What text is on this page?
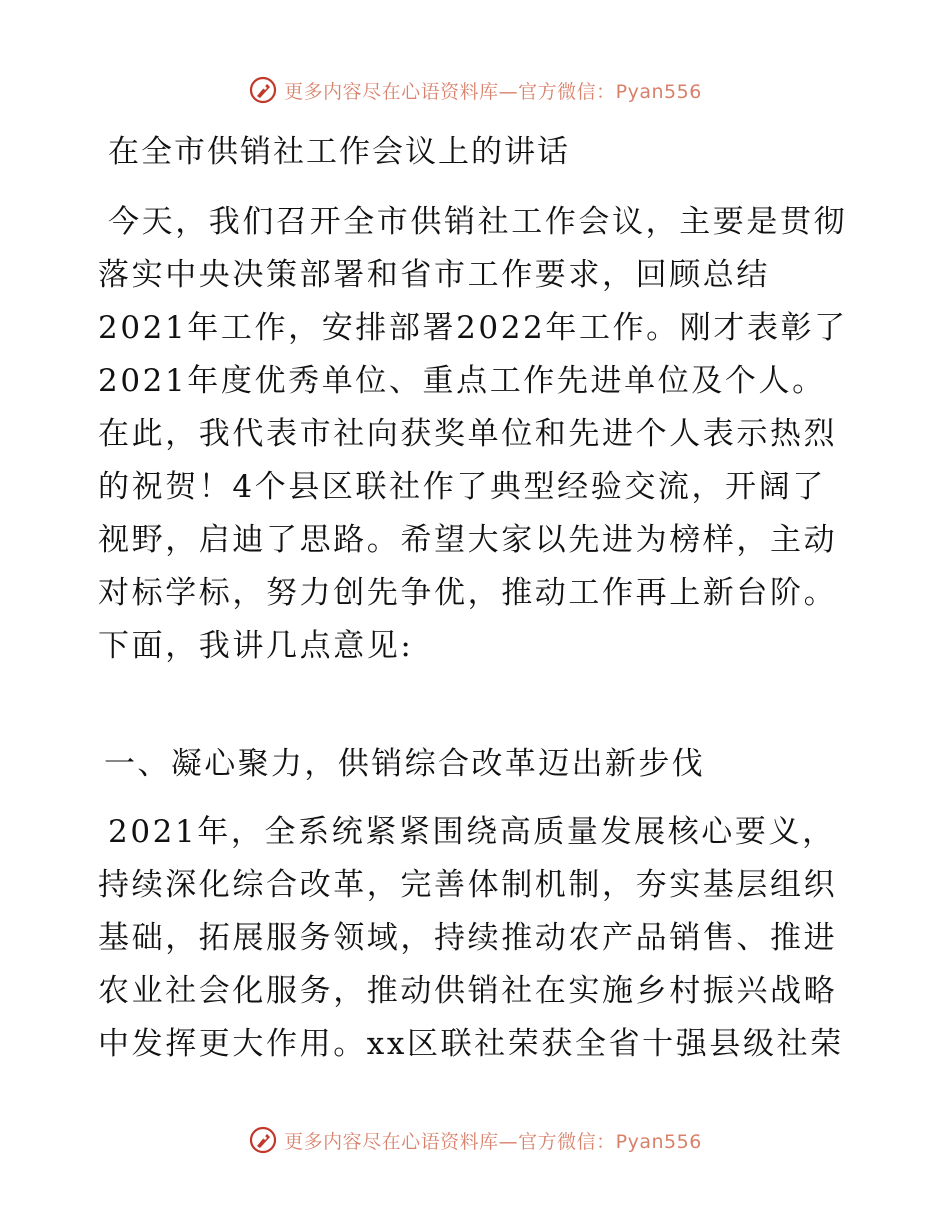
更多内容尽在心语资料库—官方微信：Pyan556
在全市供销社工作会议上的讲话

今天，我们召开全市供销社工作会议，主要是贯彻落实中央决策部署和省市工作要求，回顾总结2021年工作，安排部署2022年工作。刚才表彰了2021年度优秀单位、重点工作先进单位及个人。在此，我代表市社向获奖单位和先进个人表示热烈的祝贺！4个县区联社作了典型经验交流，开阔了视野，启迪了思路。希望大家以先进为榜样，主动对标学标，努力创先争优，推动工作再上新台阶。下面，我讲几点意见:

一、凝心聚力，供销综合改革迈出新步伐

2021年，全系统紧紧围绕高质量发展核心要义，持续深化综合改革，完善体制机制，夯实基层组织基础，拓展服务领域，持续推动农产品销售、推进农业社会化服务，推动供销社在实施乡村振兴战略中发挥更大作用。xx区联社荣获全省十强县级社荣

更多内容尽在心语资料库—官方微信：Pyan556
